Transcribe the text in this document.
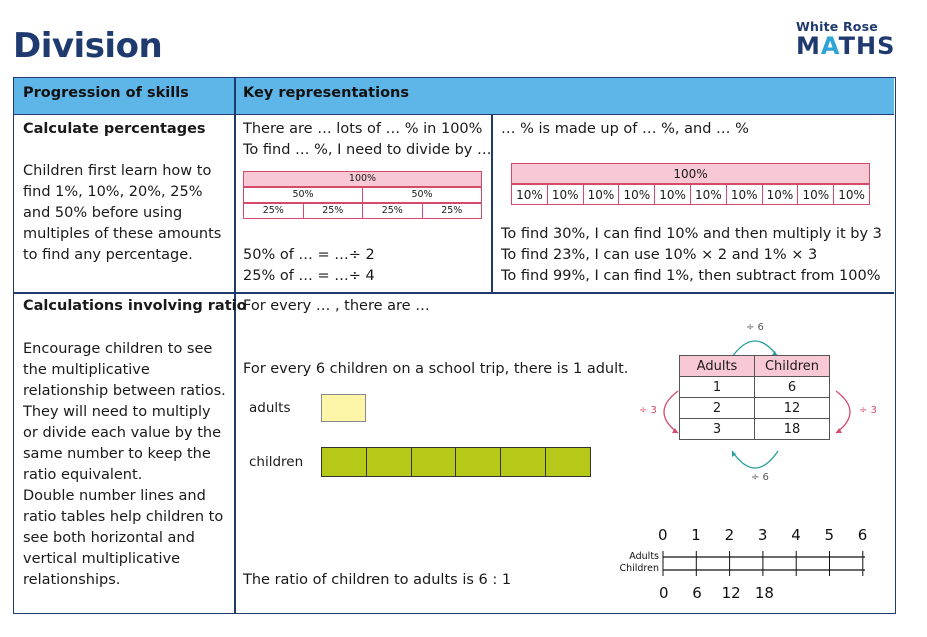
Division	White Rose
MATHS
Progression of skills	Key representations
Calculate percentages
Children first learn how to find 1%, 10%, 20%, 25% and 50% before using multiples of these amounts to find any percentage.
There are … lots of … % in 100%
To find … %, I need to divide by …
100%
50%	50%
25%	25%	25%	25%
50% of … = …÷ 2
25% of … = …÷ 4
… % is made up of … %, and … %
100%
10% 10% 10% 10% 10% 10% 10% 10% 10% 10%
To find 30%, I can find 10% and then multiply it by 3
To find 23%, I can use 10% × 2 and 1% × 3
To find 99%, I can find 1%, then subtract from 100%
Calculations involving ratio
Encourage children to see the multiplicative relationship between ratios. They will need to multiply or divide each value by the same number to keep the ratio equivalent.
Double number lines and ratio tables help children to see both horizontal and vertical multiplicative relationships.
For every … , there are …
For every 6 children on a school trip, there is 1 adult.
adults
children
The ratio of children to adults is 6 : 1
÷ 6
÷ 6
÷ 3	÷ 3
Adults	Children
1	6
2	12
3	18
Adults
Children
0 1 2 3 4 5 6
0 6 12 18
